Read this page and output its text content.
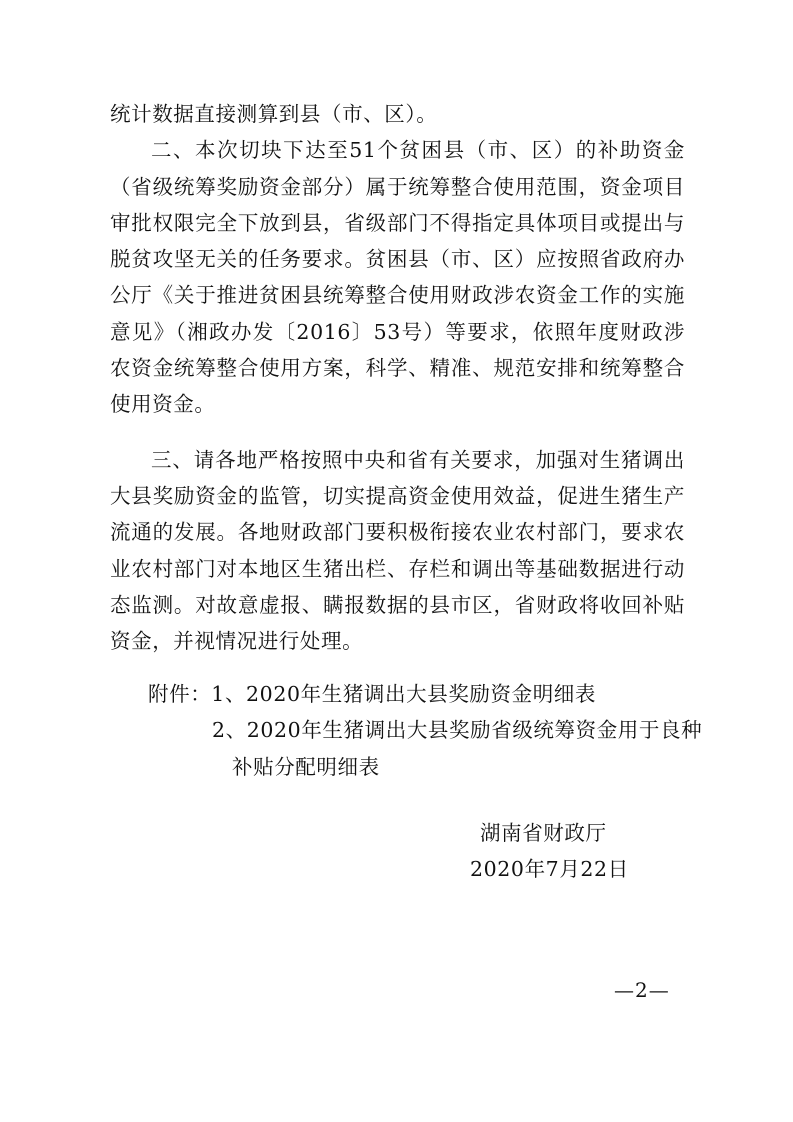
统计数据直接测算到县（市、区）。

二、本次切块下达至51个贫困县（市、区）的补助资金（省级统筹奖励资金部分）属于统筹整合使用范围，资金项目审批权限完全下放到县，省级部门不得指定具体项目或提出与脱贫攻坚无关的任务要求。贫困县（市、区）应按照省政府办公厅《关于推进贫困县统筹整合使用财政涉农资金工作的实施意见》（湘政办发〔2016〕53号）等要求，依照年度财政涉农资金统筹整合使用方案，科学、精准、规范安排和统筹整合使用资金。

三、请各地严格按照中央和省有关要求，加强对生猪调出大县奖励资金的监管，切实提高资金使用效益，促进生猪生产流通的发展。各地财政部门要积极衔接农业农村部门，要求农业农村部门对本地区生猪出栏、存栏和调出等基础数据进行动态监测。对故意虚报、瞒报数据的县市区，省财政将收回补贴资金，并视情况进行处理。

附件：1、2020年生猪调出大县奖励资金明细表

2、2020年生猪调出大县奖励省级统筹资金用于良种

补贴分配明细表

湖南省财政厅

2020年7月22日

—2—
